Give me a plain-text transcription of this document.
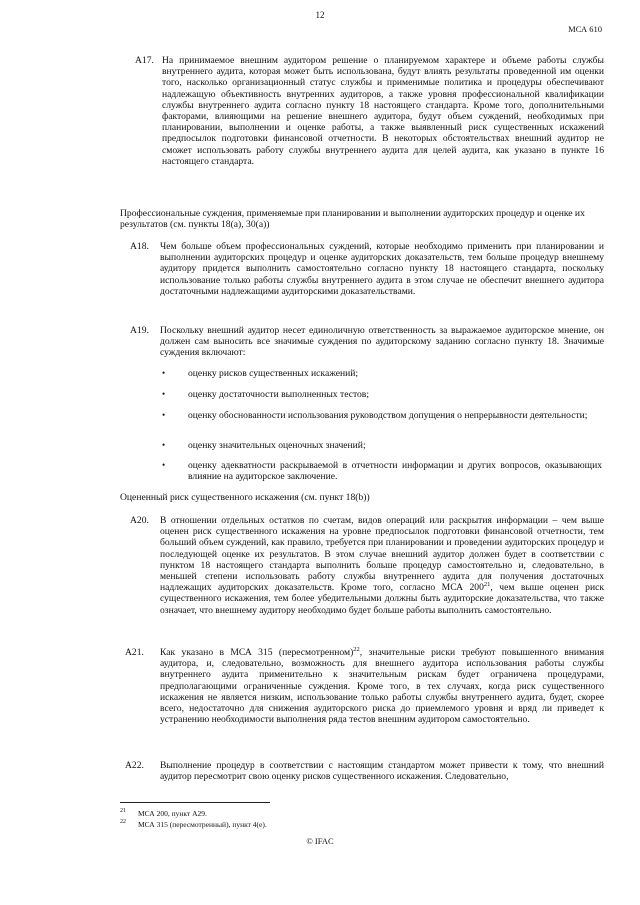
12
МСА 610
A17. На принимаемое внешним аудитором решение о планируемом характере и объеме работы службы внутреннего аудита, которая может быть использована, будут влиять результаты проведенной им оценки того, насколько организационный статус службы и применимые политика и процедуры обеспечивают надлежащую объективность внутренних аудиторов, а также уровня профессиональной квалификации службы внутреннего аудита согласно пункту 18 настоящего стандарта. Кроме того, дополнительными факторами, влияющими на решение внешнего аудитора, будут объем суждений, необходимых при планировании, выполнении и оценке работы, а также выявленный риск существенных искажений предпосылок подготовки финансовой отчетности. В некоторых обстоятельствах внешний аудитор не сможет использовать работу службы внутреннего аудита для целей аудита, как указано в пункте 16 настоящего стандарта.

Профессиональные суждения, применяемые при планировании и выполнении аудиторских процедур и оценке их результатов (см. пункты 18(a), 30(a))

A18. Чем больше объем профессиональных суждений, которые необходимо применить при планировании и выполнении аудиторских процедур и оценке аудиторских доказательств, тем больше процедур внешнему аудитору придется выполнить самостоятельно согласно пункту 18 настоящего стандарта, поскольку использование только работы службы внутреннего аудита в этом случае не обеспечит внешнего аудитора достаточными надлежащими аудиторскими доказательствами.

A19. Поскольку внешний аудитор несет единоличную ответственность за выражаемое аудиторское мнение, он должен сам выносить все значимые суждения по аудиторскому заданию согласно пункту 18. Значимые суждения включают:

• оценку рисков существенных искажений;
• оценку достаточности выполненных тестов;
• оценку обоснованности использования руководством допущения о непрерывности деятельности;
• оценку значительных оценочных значений;
• оценку адекватности раскрываемой в отчетности информации и других вопросов, оказывающих влияние на аудиторское заключение.

Оцененный риск существенного искажения (см. пункт 18(b))

A20. В отношении отдельных остатков по счетам, видов операций или раскрытия информации – чем выше оценен риск существенного искажения на уровне предпосылок подготовки финансовой отчетности, тем больший объем суждений, как правило, требуется при планировании и проведении аудиторских процедур и последующей оценке их результатов. В этом случае внешний аудитор должен будет в соответствии с пунктом 18 настоящего стандарта выполнить больше процедур самостоятельно и, следовательно, в меньшей степени использовать работу службы внутреннего аудита для получения достаточных надлежащих аудиторских доказательств. Кроме того, согласно МСА $200^{21}$, чем выше оценен риск существенного искажения, тем более убедительными должны быть аудиторские доказательства, что также означает, что внешнему аудитору необходимо будет больше работы выполнить самостоятельно.

A21. Как указано в МСА 315 (пересмотренном)$^{22}$, значительные риски требуют повышенного внимания аудитора, и, следовательно, возможность для внешнего аудитора использования работы службы внутреннего аудита применительно к значительным рискам будет ограничена процедурами, предполагающими ограниченные суждения. Кроме того, в тех случаях, когда риск существенного искажения не является низким, использование только работы службы внутреннего аудита, будет, скорее всего, недостаточно для снижения аудиторского риска до приемлемого уровня и вряд ли приведет к устранению необходимости выполнения ряда тестов внешним аудитором самостоятельно.

A22. Выполнение процедур в соответствии с настоящим стандартом может привести к тому, что внешний аудитор пересмотрит свою оценку рисков существенного искажения. Следовательно,

21 МСА 200, пункт A29.
22 МСА 315 (пересмотренный), пункт 4(e).
© IFAC
